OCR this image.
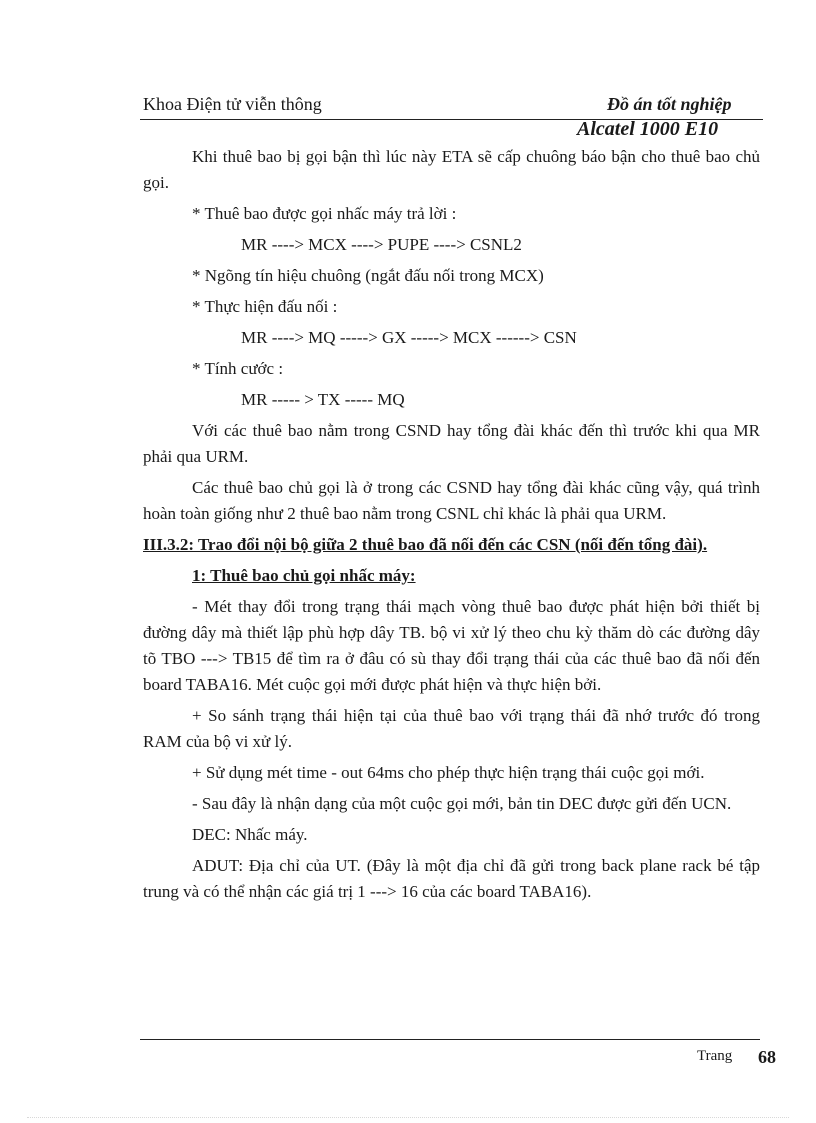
Khoa Điện tử viễn thông	Đồ án tốt nghiệp
Alcatel 1000 E10

Khi thuê bao bị gọi bận thì lúc này ETA sẽ cấp chuông báo bận cho thuê bao chủ gọi.

* Thuê bao được gọi nhấc máy trả lời :

MR ----> MCX ----> PUPE ----> CSNL2

* Ngõng tín hiệu chuông (ngắt đấu nối trong MCX)

* Thực hiện đấu nối :

MR ----> MQ -----> GX -----> MCX ------> CSN

* Tính cước :

MR ----- > TX ----- MQ

Với các thuê bao nằm trong CSND hay tổng đài khác đến thì trước khi qua MR phải qua URM.

Các thuê bao chủ gọi là ở trong các CSND hay tổng đài khác cũng vậy, quá trình hoàn toàn giống như 2 thuê bao nằm trong CSNL chỉ khác là phải qua URM.

III.3.2: Trao đổi nội bộ giữa 2 thuê bao đã nối đến các CSN (nối đến tổng đài).

1: Thuê bao chủ gọi nhấc máy:

- Mét thay đổi trong trạng thái mạch vòng thuê bao được phát hiện bởi thiết bị đường dây mà thiết lập phù hợp dây TB. bộ vi xử lý theo chu kỳ thăm dò các đường dây tõ TBO ---> TB15 để tìm ra ở đâu có sù thay đổi trạng thái của các thuê bao đã nối đến board TABA16. Mét cuộc gọi mới được phát hiện và thực hiện bởi.

+ So sánh trạng thái hiện tại của thuê bao với trạng thái đã nhớ trước đó trong RAM của bộ vi xử lý.

+ Sử dụng mét time - out 64ms cho phép thực hiện trạng thái cuộc gọi mới.

- Sau đây là nhận dạng của một cuộc gọi mới, bản tin DEC được gửi đến UCN.

DEC: Nhấc máy.

ADUT: Địa chỉ của UT. (Đây là một địa chỉ đã gửi trong back plane rack bé tập trung và có thể nhận các giá trị 1 ---> 16 của các board TABA16).

Trang 68
